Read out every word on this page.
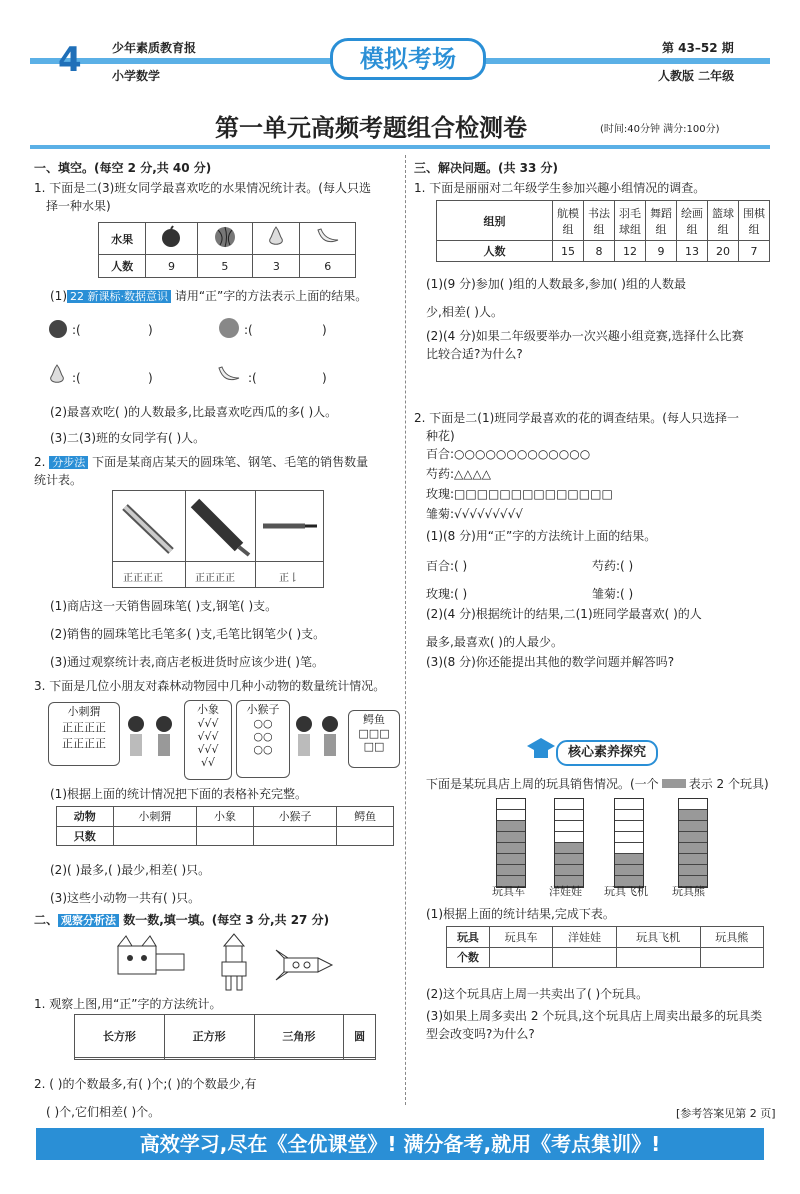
4	少年素质教育报
小学数学
模拟考场	第 43–52 期
人教版 二年级
第一单元高频考题组合检测卷	(时间:40分钟 满分:100分)
一、填空。(每空 2 分,共 40 分)
1. 下面是二(3)班女同学最喜欢吃的水果情况统计表。(每人只选
择一种水果)
水果				
人数	9	5	3	6
(1) 22 新课标·数据意识 请用“正”字的方法表示上面的结果。
:(	)	:(	)
:(	)	:(	)
(2)最喜欢吃( )的人数最多,比最喜欢吃西瓜的多( )人。
(3)二(3)班的女同学有( )人。
2. 分步法 下面是某商店某天的圆珠笔、钢笔、毛笔的销售数量
统计表。
正正正正	正正正正	正𠄌
(1)商店这一天销售圆珠笔( )支,钢笔( )支。
(2)销售的圆珠笔比毛笔多( )支,毛笔比钢笔少( )支。
(3)通过观察统计表,商店老板进货时应该少进( )笔。
3. 下面是几位小朋友对森林动物园中几种小动物的数量统计情况。
小刺猬
正正正正
正正正正
小象
√√√
√√√
√√√
√√
小猴子
○○
○○
○○
鳄鱼
□□□
□□
(1)根据上面的统计情况把下面的表格补充完整。
动物	小刺猬	小象	小猴子	鳄鱼
只数				
(2)( )最多,( )最少,相差( )只。
(3)这些小动物一共有( )只。
二、 观察分析法 数一数,填一填。(每空 3 分,共 27 分)
1. 观察上图,用“正”字的方法统计。
长方形	正方形	三角形	圆

2. ( )的个数最多,有( )个;( )的个数最少,有
( )个,它们相差( )个。
三、解决问题。(共 33 分)
1. 下面是丽丽对二年级学生参加兴趣小组情况的调查。
组别	航模组	书法组	羽毛球组	舞蹈组	绘画组	篮球组	围棋组
人数	15	8	12	9	13	20	7
(1)(9 分)参加( )组的人数最多,参加( )组的人数最
少,相差( )人。
(2)(4 分)如果二年级要举办一次兴趣小组竞赛,选择什么比赛
比较合适?为什么?
2. 下面是二(1)班同学最喜欢的花的调查结果。(每人只选择一
种花)
百合:○○○○○○○○○○○○○
芍药:△△△△
玫瑰:□□□□□□□□□□□□□□
雏菊:√√√√√√√√√
(1)(8 分)用“正”字的方法统计上面的结果。
百合:( )	芍药:( )
玫瑰:( )	雏菊:( )
(2)(4 分)根据统计的结果,二(1)班同学最喜欢( )的人
最多,最喜欢( )的人最少。
(3)(8 分)你还能提出其他的数学问题并解答吗?
核心素养探究
下面是某玩具店上周的玩具销售情况。(一个	表示 2 个玩具)
玩具车 洋娃娃 玩具飞机 玩具熊
(1)根据上面的统计结果,完成下表。
玩具	玩具车	洋娃娃	玩具飞机	玩具熊
个数				
(2)这个玩具店上周一共卖出了( )个玩具。
(3)如果上周多卖出 2 个玩具,这个玩具店上周卖出最多的玩具类
型会改变吗?为什么?
[参考答案见第 2 页]
高效学习,尽在《全优课堂》! 满分备考,就用《考点集训》!
